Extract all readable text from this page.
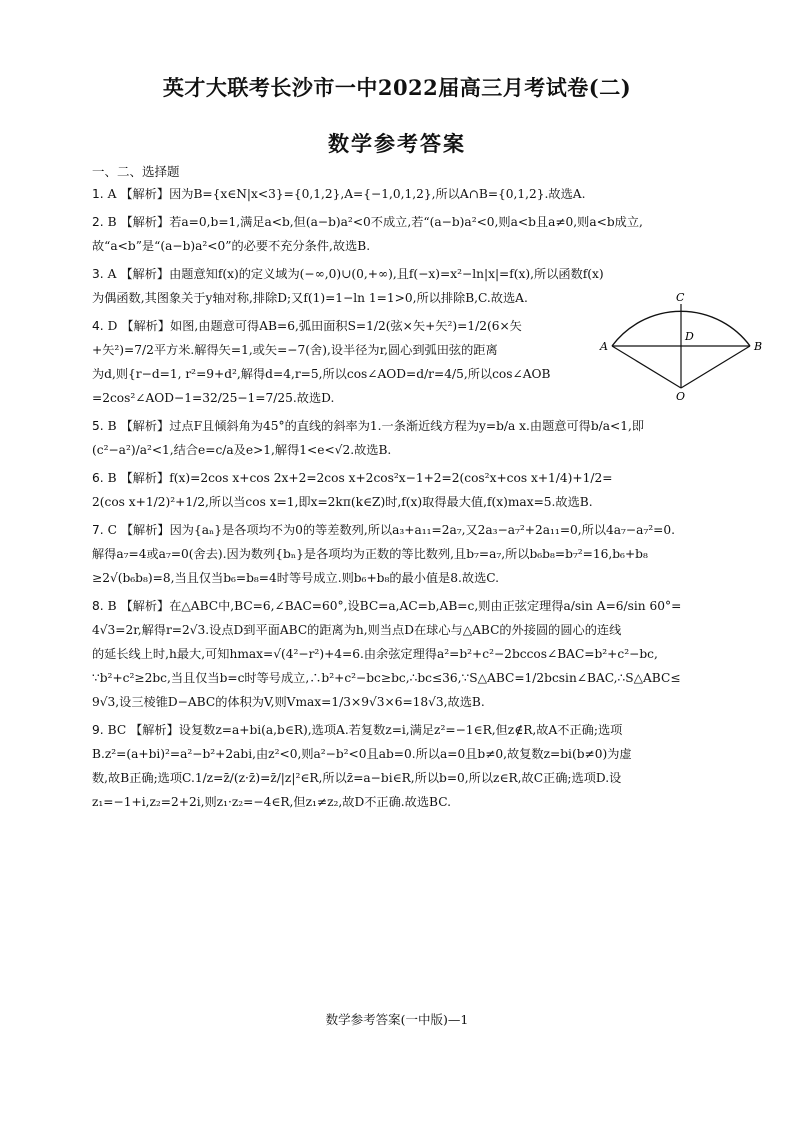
英才大联考长沙市一中2022届高三月考试卷(二)
数学参考答案
一、二、选择题
1. A 【解析】因为B={x∈N|x<3}={0,1,2},A={−1,0,1,2},所以A∩B={0,1,2}.故选A.
2. B 【解析】若a=0,b=1,满足a<b,但(a−b)a²<0不成立,若“(a−b)a²<0,则a<b且a≠0,则a<b成立,
故“a<b”是“(a−b)a²<0”的必要不充分条件,故选B.
3. A 【解析】由题意知f(x)的定义域为(−∞,0)∪(0,+∞),且f(−x)=x²−ln|x|=f(x),所以函数f(x)
为偶函数,其图象关于y轴对称,排除D;又f(1)=1−ln 1=1>0,所以排除B,C.故选A.
4. D 【解析】如图,由题意可得AB=6,弧田面积S=1/2(弦×矢+矢²)=1/2(6×矢
+矢²)=7/2平方米.解得矢=1,或矢=−7(舍),设半径为r,圆心到弧田弦的距离
为d,则{r−d=1, r²=9+d²,解得d=4,r=5,所以cos∠AOD=d/r=4/5,所以cos∠AOB
=2cos²∠AOD−1=32/25−1=7/25.故选D.
5. B 【解析】过点F且倾斜角为45°的直线的斜率为1.一条渐近线方程为y=b/a x.由题意可得b/a<1,即
(c²−a²)/a²<1,结合e=c/a及e>1,解得1<e<√2.故选B.
6. B 【解析】f(x)=2cos x+cos 2x+2=2cos x+2cos²x−1+2=2(cos²x+cos x+1/4)+1/2=
2(cos x+1/2)²+1/2,所以当cos x=1,即x=2kπ(k∈Z)时,f(x)取得最大值,f(x)max=5.故选B.
7. C 【解析】因为{aₙ}是各项均不为0的等差数列,所以a₃+a₁₁=2a₇,又2a₃−a₇²+2a₁₁=0,所以4a₇−a₇²=0.
解得a₇=4或a₇=0(舍去).因为数列{bₙ}是各项均为正数的等比数列,且b₇=a₇,所以b₆b₈=b₇²=16,b₆+b₈
≥2√(b₆b₈)=8,当且仅当b₆=b₈=4时等号成立.则b₆+b₈的最小值是8.故选C.
8. B 【解析】在△ABC中,BC=6,∠BAC=60°,设BC=a,AC=b,AB=c,则由正弦定理得a/sin A=6/sin 60°=
4√3=2r,解得r=2√3.设点D到平面ABC的距离为h,则当点D在球心与△ABC的外接圆的圆心的连线
的延长线上时,h最大,可知hmax=√(4²−r²)+4=6.由余弦定理得a²=b²+c²−2bccos∠BAC=b²+c²−bc,
∵b²+c²≥2bc,当且仅当b=c时等号成立,∴b²+c²−bc≥bc,∴bc≤36,∵S△ABC=1/2bcsin∠BAC,∴S△ABC≤
9√3,设三棱锥D−ABC的体积为V,则Vmax=1/3×9√3×6=18√3,故选B.
9. BC 【解析】设复数z=a+bi(a,b∈R),选项A.若复数z=i,满足z²=−1∈R,但z∉R,故A不正确;选项
B.z²=(a+bi)²=a²−b²+2abi,由z²<0,则a²−b²<0且ab=0.所以a=0且b≠0,故复数z=bi(b≠0)为虚
数,故B正确;选项C.1/z=z̄/(z·z̄)=z̄/|z|²∈R,所以z̄=a−bi∈R,所以b=0,所以z∈R,故C正确;选项D.设
z₁=−1+i,z₂=2+2i,则z₁·z₂=−4∈R,但z₁≠z₂,故D不正确.故选BC.
A	B
C
D
O
数学参考答案(一中版)—1
